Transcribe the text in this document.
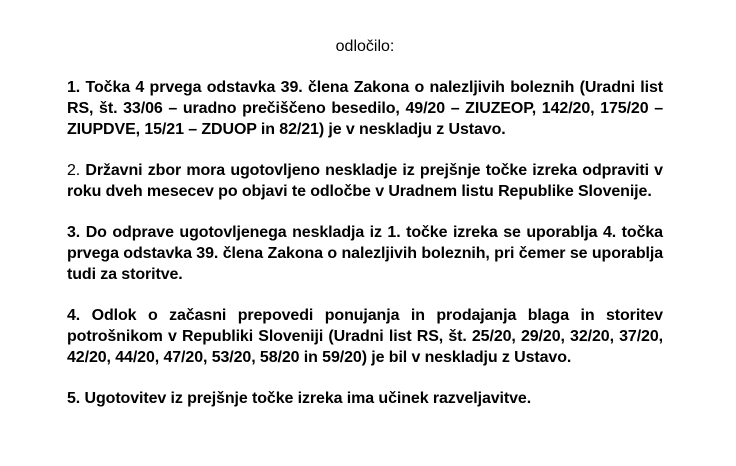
odločilo:

1. Točka 4 prvega odstavka 39. člena Zakona o nalezljivih boleznih (Uradni list RS, št. 33/06 – uradno prečiščeno besedilo, 49/20 – ZIUZEOP, 142/20, 175/20 – ZIUPDVE, 15/21 – ZDUOP in 82/21) je v neskladju z Ustavo.

2. Državni zbor mora ugotovljeno neskladje iz prejšnje točke izreka odpraviti v roku dveh mesecev po objavi te odločbe v Uradnem listu Republike Slovenije.

3. Do odprave ugotovljenega neskladja iz 1. točke izreka se uporablja 4. točka prvega odstavka 39. člena Zakona o nalezljivih boleznih, pri čemer se uporablja tudi za storitve.

4. Odlok o začasni prepovedi ponujanja in prodajanja blaga in storitev potrošnikom v Republiki Sloveniji (Uradni list RS, št. 25/20, 29/20, 32/20, 37/20, 42/20, 44/20, 47/20, 53/20, 58/20 in 59/20) je bil v neskladju z Ustavo.

5. Ugotovitev iz prejšnje točke izreka ima učinek razveljavitve.
